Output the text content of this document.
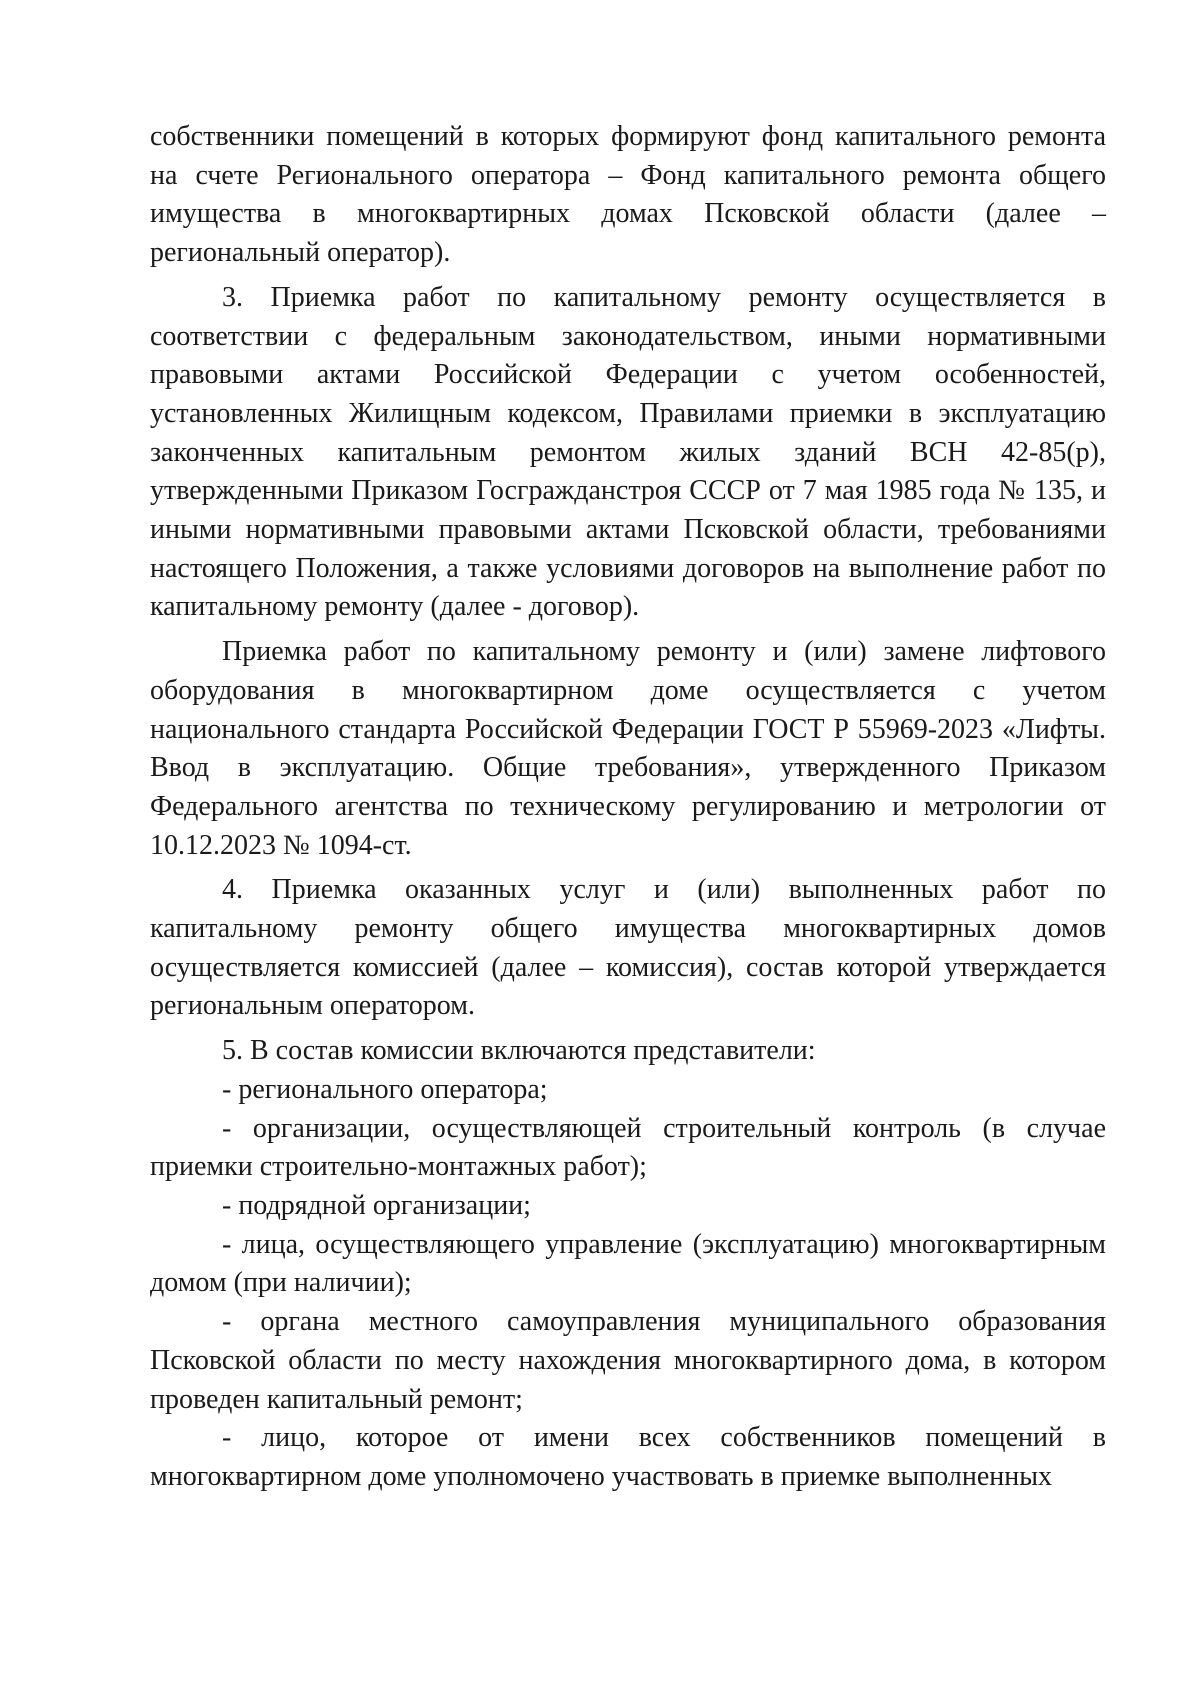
собственники помещений в которых формируют фонд капитального ремонта на счете Регионального оператора – Фонд капитального ремонта общего имущества в многоквартирных домах Псковской области (далее – региональный оператор).

3. Приемка работ по капитальному ремонту осуществляется в соответствии с федеральным законодательством, иными нормативными правовыми актами Российской Федерации с учетом особенностей, установленных Жилищным кодексом, Правилами приемки в эксплуатацию законченных капитальным ремонтом жилых зданий ВСН 42-85(р), утвержденными Приказом Госгражданстроя СССР от 7 мая 1985 года № 135, и иными нормативными правовыми актами Псковской области, требованиями настоящего Положения, а также условиями договоров на выполнение работ по капитальному ремонту (далее - договор).

Приемка работ по капитальному ремонту и (или) замене лифтового оборудования в многоквартирном доме осуществляется с учетом национального стандарта Российской Федерации ГОСТ Р 55969-2023 «Лифты. Ввод в эксплуатацию. Общие требования», утвержденного Приказом Федерального агентства по техническому регулированию и метрологии от 10.12.2023 № 1094-ст.

4. Приемка оказанных услуг и (или) выполненных работ по капитальному ремонту общего имущества многоквартирных домов осуществляется комиссией (далее – комиссия), состав которой утверждается региональным оператором.

5. В состав комиссии включаются представители:

- регионального оператора;

- организации, осуществляющей строительный контроль (в случае приемки строительно-монтажных работ);

- подрядной организации;

- лица, осуществляющего управление (эксплуатацию) многоквартирным домом (при наличии);

- органа местного самоуправления муниципального образования Псковской области по месту нахождения многоквартирного дома, в котором проведен капитальный ремонт;

- лицо, которое от имени всех собственников помещений в многоквартирном доме уполномочено участвовать в приемке выполненных
